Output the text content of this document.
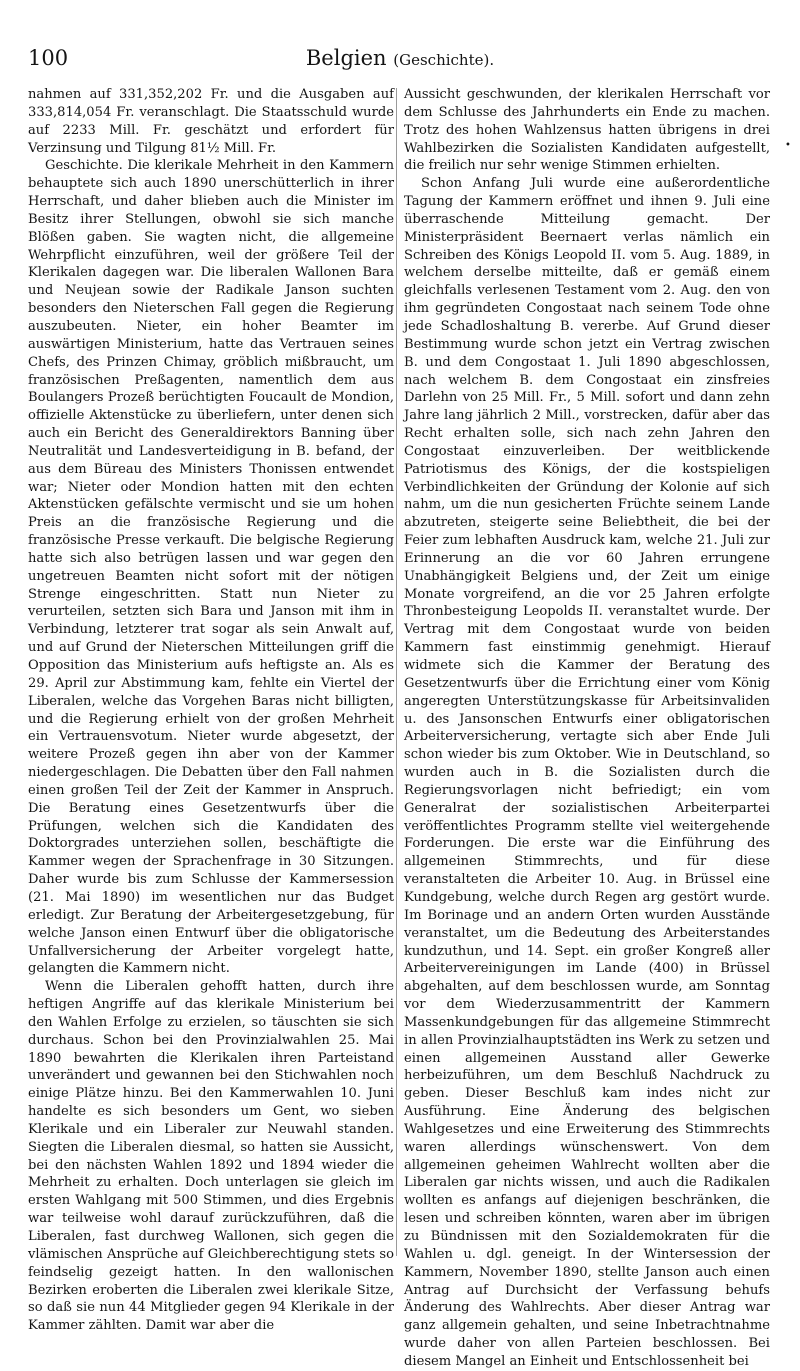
100	Belgien (Geschichte).

nahmen auf 331,352,202 Fr. und die Ausgaben auf 333,814,054 Fr. veranschlagt. Die Staatsschuld wurde auf 2233 Mill. Fr. geschätzt und erfordert für Verzinsung und Tilgung 81½ Mill. Fr.

Geschichte. Die klerikale Mehrheit in den Kammern behauptete sich auch 1890 unerschütterlich in ihrer Herrschaft, und daher blieben auch die Minister im Besitz ihrer Stellungen, obwohl sie sich manche Blößen gaben. Sie wagten nicht, die allgemeine Wehrpflicht einzuführen, weil der größere Teil der Klerikalen dagegen war. Die liberalen Wallonen Bara und Neujean sowie der Radikale Janson suchten besonders den Nieterschen Fall gegen die Regierung auszubeuten. Nieter, ein hoher Beamter im auswärtigen Ministerium, hatte das Vertrauen seines Chefs, des Prinzen Chimay, gröblich mißbraucht, um französischen Preßagenten, namentlich dem aus Boulangers Prozeß berüchtigten Foucault de Mondion, offizielle Aktenstücke zu überliefern, unter denen sich auch ein Bericht des Generaldirektors Banning über Neutralität und Landesverteidigung in B. befand, der aus dem Büreau des Ministers Thonissen entwendet war; Nieter oder Mondion hatten mit den echten Aktenstücken gefälschte vermischt und sie um hohen Preis an die französische Regierung und die französische Presse verkauft. Die belgische Regierung hatte sich also betrügen lassen und war gegen den ungetreuen Beamten nicht sofort mit der nötigen Strenge eingeschritten. Statt nun Nieter zu verurteilen, setzten sich Bara und Janson mit ihm in Verbindung, letzterer trat sogar als sein Anwalt auf, und auf Grund der Nieterschen Mitteilungen griff die Opposition das Ministerium aufs heftigste an. Als es 29. April zur Abstimmung kam, fehlte ein Viertel der Liberalen, welche das Vorgehen Baras nicht billigten, und die Regierung erhielt von der großen Mehrheit ein Vertrauensvotum. Nieter wurde abgesetzt, der weitere Prozeß gegen ihn aber von der Kammer niedergeschlagen. Die Debatten über den Fall nahmen einen großen Teil der Zeit der Kammer in Anspruch. Die Beratung eines Gesetzentwurfs über die Prüfungen, welchen sich die Kandidaten des Doktorgrades unterziehen sollen, beschäftigte die Kammer wegen der Sprachenfrage in 30 Sitzungen. Daher wurde bis zum Schlusse der Kammersession (21. Mai 1890) im wesentlichen nur das Budget erledigt. Zur Beratung der Arbeitergesetzgebung, für welche Janson einen Entwurf über die obligatorische Unfallversicherung der Arbeiter vorgelegt hatte, gelangten die Kammern nicht.

Wenn die Liberalen gehofft hatten, durch ihre heftigen Angriffe auf das klerikale Ministerium bei den Wahlen Erfolge zu erzielen, so täuschten sie sich durchaus. Schon bei den Provinzialwahlen 25. Mai 1890 bewahrten die Klerikalen ihren Parteistand unverändert und gewannen bei den Stichwahlen noch einige Plätze hinzu. Bei den Kammerwahlen 10. Juni handelte es sich besonders um Gent, wo sieben Klerikale und ein Liberaler zur Neuwahl standen. Siegten die Liberalen diesmal, so hatten sie Aussicht, bei den nächsten Wahlen 1892 und 1894 wieder die Mehrheit zu erhalten. Doch unterlagen sie gleich im ersten Wahlgang mit 500 Stimmen, und dies Ergebnis war teilweise wohl darauf zurückzuführen, daß die Liberalen, fast durchweg Wallonen, sich gegen die vlämischen Ansprüche auf Gleichberechtigung stets so feindselig gezeigt hatten. In den wallonischen Bezirken eroberten die Liberalen zwei klerikale Sitze, so daß sie nun 44 Mitglieder gegen 94 Klerikale in der Kammer zählten. Damit war aber die

Aussicht geschwunden, der klerikalen Herrschaft vor dem Schlusse des Jahrhunderts ein Ende zu machen. Trotz des hohen Wahlzensus hatten übrigens in drei Wahlbezirken die Sozialisten Kandidaten aufgestellt, die freilich nur sehr wenige Stimmen erhielten.

Schon Anfang Juli wurde eine außerordentliche Tagung der Kammern eröffnet und ihnen 9. Juli eine überraschende Mitteilung gemacht. Der Ministerpräsident Beernaert verlas nämlich ein Schreiben des Königs Leopold II. vom 5. Aug. 1889, in welchem derselbe mitteilte, daß er gemäß einem gleichfalls verlesenen Testament vom 2. Aug. den von ihm gegründeten Congostaat nach seinem Tode ohne jede Schadloshaltung B. vererbe. Auf Grund dieser Bestimmung wurde schon jetzt ein Vertrag zwischen B. und dem Congostaat 1. Juli 1890 abgeschlossen, nach welchem B. dem Congostaat ein zinsfreies Darlehn von 25 Mill. Fr., 5 Mill. sofort und dann zehn Jahre lang jährlich 2 Mill., vorstrecken, dafür aber das Recht erhalten solle, sich nach zehn Jahren den Congostaat einzuverleiben. Der weitblickende Patriotismus des Königs, der die kostspieligen Verbindlichkeiten der Gründung der Kolonie auf sich nahm, um die nun gesicherten Früchte seinem Lande abzutreten, steigerte seine Beliebtheit, die bei der Feier zum lebhaften Ausdruck kam, welche 21. Juli zur Erinnerung an die vor 60 Jahren errungene Unabhängigkeit Belgiens und, der Zeit um einige Monate vorgreifend, an die vor 25 Jahren erfolgte Thronbesteigung Leopolds II. veranstaltet wurde. Der Vertrag mit dem Congostaat wurde von beiden Kammern fast einstimmig genehmigt. Hierauf widmete sich die Kammer der Beratung des Gesetzentwurfs über die Errichtung einer vom König angeregten Unterstützungskasse für Arbeitsinvaliden u. des Jansonschen Entwurfs einer obligatorischen Arbeiterversicherung, vertagte sich aber Ende Juli schon wieder bis zum Oktober. Wie in Deutschland, so wurden auch in B. die Sozialisten durch die Regierungsvorlagen nicht befriedigt; ein vom Generalrat der sozialistischen Arbeiterpartei veröffentlichtes Programm stellte viel weitergehende Forderungen. Die erste war die Einführung des allgemeinen Stimmrechts, und für diese veranstalteten die Arbeiter 10. Aug. in Brüssel eine Kundgebung, welche durch Regen arg gestört wurde. Im Borinage und an andern Orten wurden Ausstände veranstaltet, um die Bedeutung des Arbeiterstandes kundzuthun, und 14. Sept. ein großer Kongreß aller Arbeitervereinigungen im Lande (400) in Brüssel abgehalten, auf dem beschlossen wurde, am Sonntag vor dem Wiederzusammentritt der Kammern Massenkundgebungen für das allgemeine Stimmrecht in allen Provinzialhauptstädten ins Werk zu setzen und einen allgemeinen Ausstand aller Gewerke herbeizuführen, um dem Beschluß Nachdruck zu geben. Dieser Beschluß kam indes nicht zur Ausführung. Eine Änderung des belgischen Wahlgesetzes und eine Erweiterung des Stimmrechts waren allerdings wünschenswert. Von dem allgemeinen geheimen Wahlrecht wollten aber die Liberalen gar nichts wissen, und auch die Radikalen wollten es anfangs auf diejenigen beschränken, die lesen und schreiben könnten, waren aber im übrigen zu Bündnissen mit den Sozialdemokraten für die Wahlen u. dgl. geneigt. In der Wintersession der Kammern, November 1890, stellte Janson auch einen Antrag auf Durchsicht der Verfassung behufs Änderung des Wahlrechts. Aber dieser Antrag war ganz allgemein gehalten, und seine Inbetrachtnahme wurde daher von allen Parteien beschlossen. Bei diesem Mangel an Einheit und Entschlossenheit bei

•
